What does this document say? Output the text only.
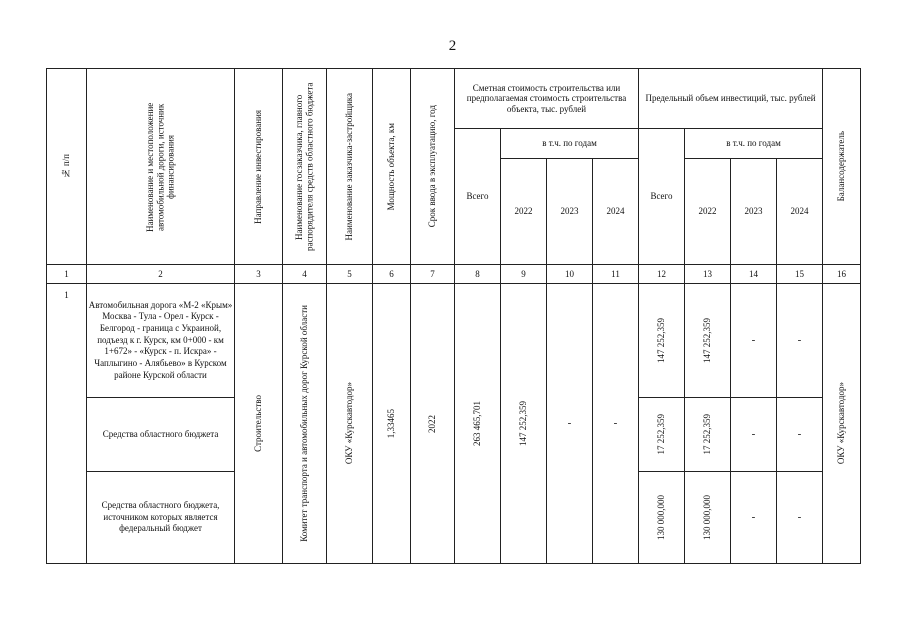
2
№ п/п	Наименование и местоположение автомобильной дороги, источник финансирования	Направление инвестирования	Наименование госзаказчика, главного распорядителя средств областного бюджета	Наименование заказчика-застройщика	Мощность объекта, км	Срок ввода в эксплуатацию, год	Сметная стоимость строительства или предполагаемая стоимость строительства объекта, тыс. рублей				Предельный объем инвестиций, тыс. рублей				Балансодержатель

							Всего	в т.ч. по годам			Всего	в т.ч. по годам			
								2022	2023	2024		2022	2023	2024	
1	2	3	4	5	6	7	8	9	10	11	12	13	14	15	16
1	Автомобильная дорога «М-2 «Крым» Москва - Тула - Орел - Курск - Белгород - граница с Украиной, подъезд к г. Курск, км 0+000 - км 1+672» - «Курск - п. Искра» - Чаплыгино - Алябьево» в Курском районе Курской области	Строительство	Комитет транспорта и автомобильных дорог Курской области	ОКУ «Курскавтодор»	1,33465	2022	263 465,701	147 252,359	-	-	147 252,359	147 252,359	-	-	ОКУ «Курскавтодор»

	Средства областного бюджета										17 252,359	17 252,359	-	-	

	Средства областного бюджета, источником которых является федеральный бюджет										130 000,000	130 000,000	-	-	
